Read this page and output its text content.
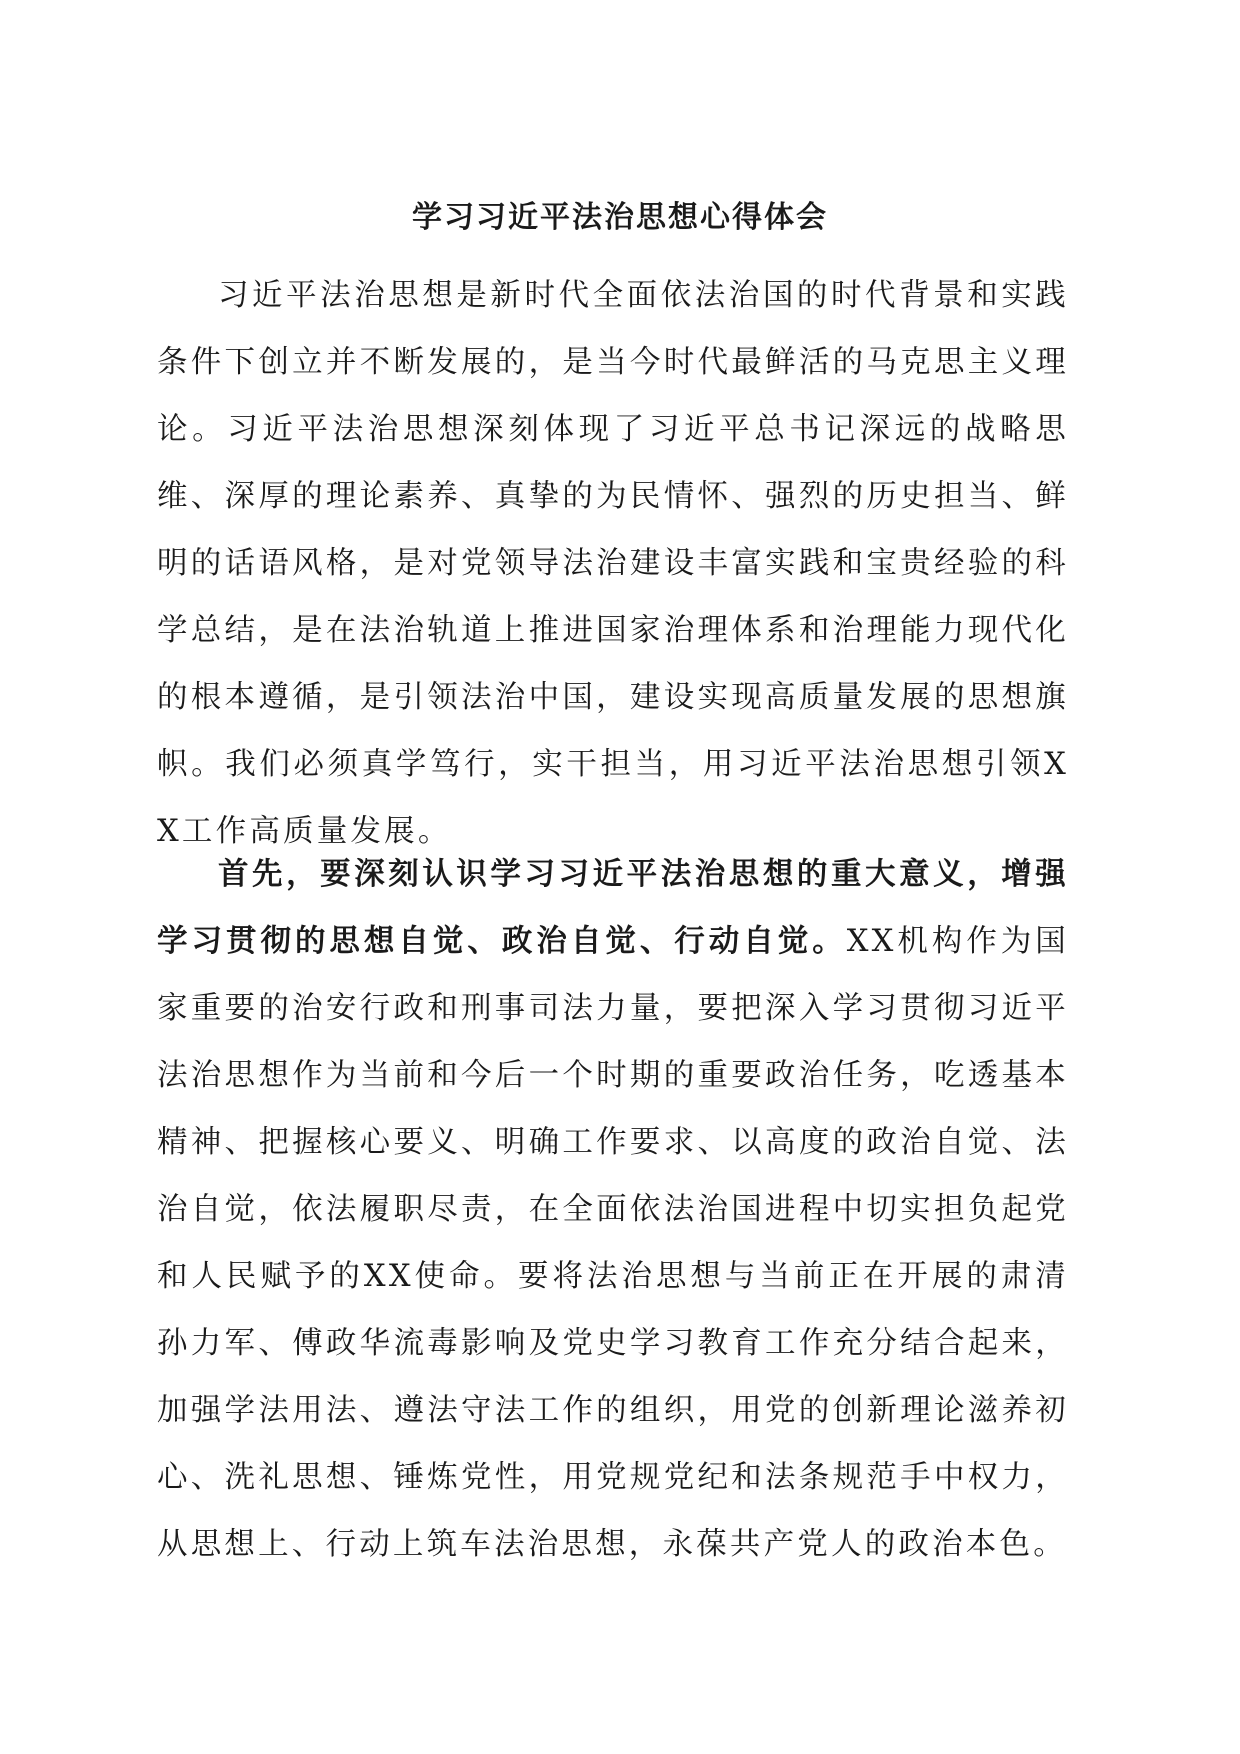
学习习近平法治思想心得体会

习近平法治思想是新时代全面依法治国的时代背景和实践条件下创立并不断发展的，是当今时代最鲜活的马克思主义理论。习近平法治思想深刻体现了习近平总书记深远的战略思维、深厚的理论素养、真挚的为民情怀、强烈的历史担当、鲜明的话语风格，是对党领导法治建设丰富实践和宝贵经验的科学总结，是在法治轨道上推进国家治理体系和治理能力现代化的根本遵循，是引领法治中国，建设实现高质量发展的思想旗帜。我们必须真学笃行，实干担当，用习近平法治思想引领XX工作高质量发展。

首先，要深刻认识学习习近平法治思想的重大意义，增强学习贯彻的思想自觉、政治自觉、行动自觉。XX机构作为国家重要的治安行政和刑事司法力量，要把深入学习贯彻习近平法治思想作为当前和今后一个时期的重要政治任务，吃透基本精神、把握核心要义、明确工作要求、以高度的政治自觉、法治自觉，依法履职尽责，在全面依法治国进程中切实担负起党和人民赋予的XX使命。要将法治思想与当前正在开展的肃清孙力军、傅政华流毒影响及党史学习教育工作充分结合起来，加强学法用法、遵法守法工作的组织，用党的创新理论滋养初心、洗礼思想、锤炼党性，用党规党纪和法条规范手中权力，从思想上、行动上筑车法治思想，永葆共产党人的政治本色。
